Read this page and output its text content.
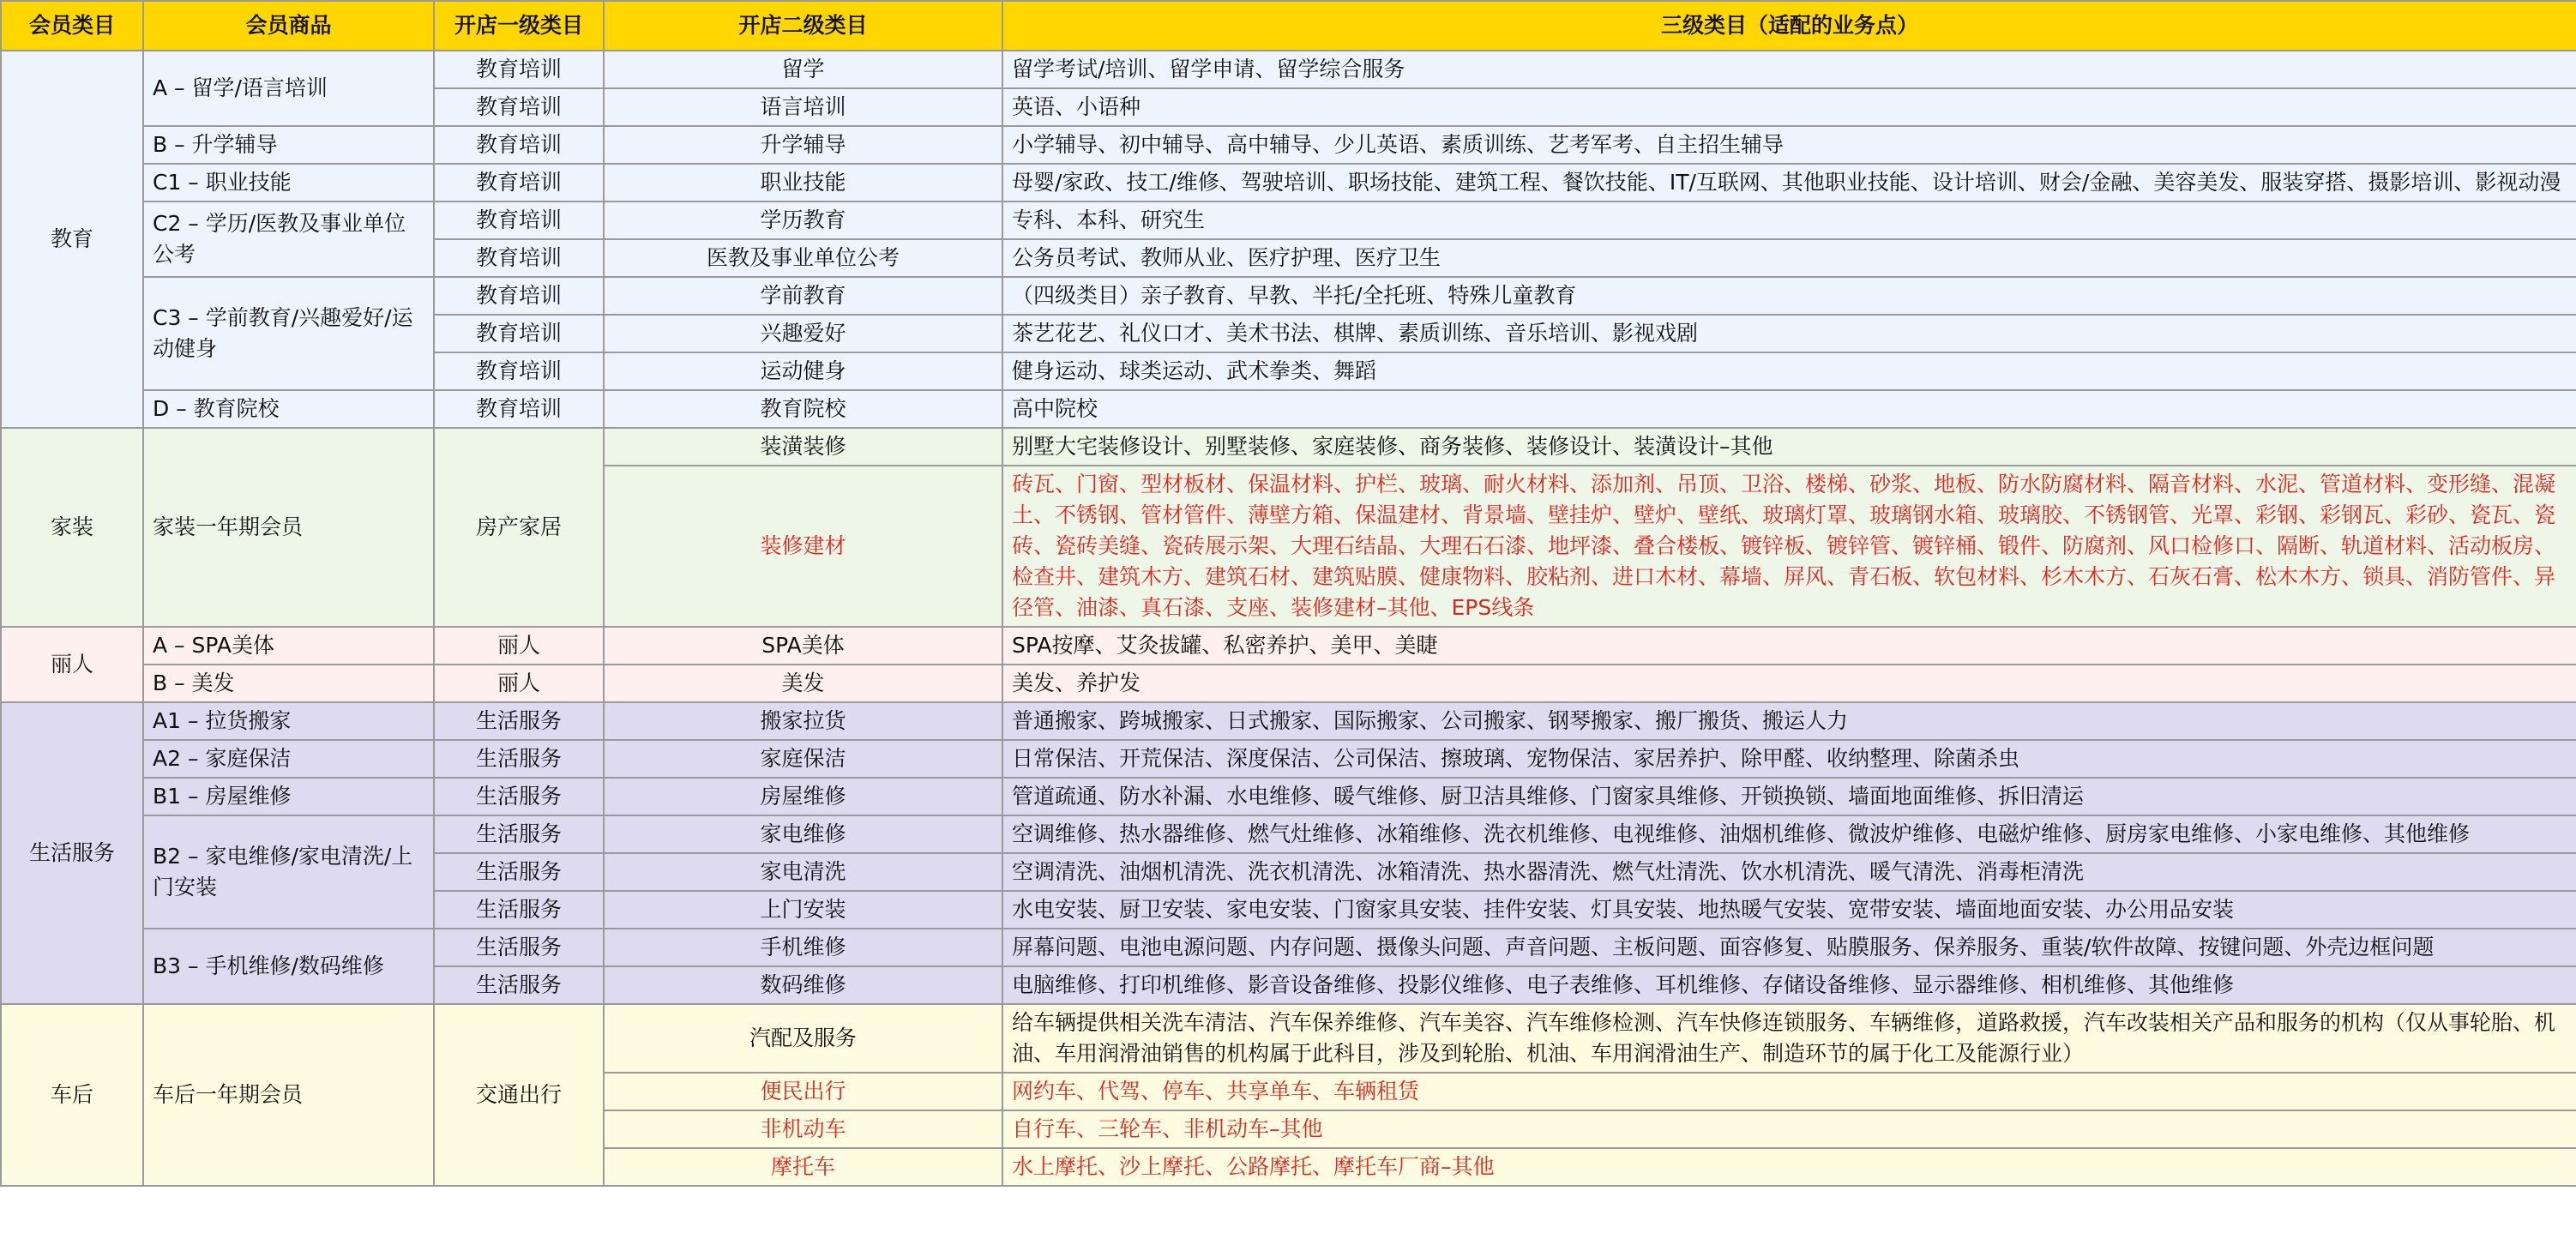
会员类目	会员商品	开店一级类目	开店二级类目	三级类目（适配的业务点）
教育	A – 留学/语言培训	教育培训	留学	留学考试/培训、留学申请、留学综合服务
		教育培训	语言培训	英语、小语种
	B – 升学辅导	教育培训	升学辅导	小学辅导、初中辅导、高中辅导、少儿英语、素质训练、艺考军考、自主招生辅导
	C1 – 职业技能	教育培训	职业技能	母婴/家政、技工/维修、驾驶培训、职场技能、建筑工程、餐饮技能、IT/互联网、其他职业技能、设计培训、财会/金融、美容美发、服装穿搭、摄影培训、影视动漫
	C2 – 学历/医教及事业单位公考	教育培训	学历教育	专科、本科、研究生
		教育培训	医教及事业单位公考	公务员考试、教师从业、医疗护理、医疗卫生
	C3 – 学前教育/兴趣爱好/运动健身	教育培训	学前教育	（四级类目）亲子教育、早教、半托/全托班、特殊儿童教育
		教育培训	兴趣爱好	茶艺花艺、礼仪口才、美术书法、棋牌、素质训练、音乐培训、影视戏剧
		教育培训	运动健身	健身运动、球类运动、武术拳类、舞蹈
	D – 教育院校	教育培训	教育院校	高中院校
家装	家装一年期会员	房产家居	装潢装修	别墅大宅装修设计、别墅装修、家庭装修、商务装修、装修设计、装潢设计–其他
			装修建材	砖瓦、门窗、型材板材、保温材料、护栏、玻璃、耐火材料、添加剂、吊顶、卫浴、楼梯、砂浆、地板、防水防腐材料、隔音材料、水泥、管道材料、变形缝、混凝土、不锈钢、管材管件、薄壁方箱、保温建材、背景墙、壁挂炉、壁炉、壁纸、玻璃灯罩、玻璃钢水箱、玻璃胶、不锈钢管、光罩、彩钢、彩钢瓦、彩砂、瓷瓦、瓷砖、瓷砖美缝、瓷砖展示架、大理石结晶、大理石石漆、地坪漆、叠合楼板、镀锌板、镀锌管、镀锌桶、锻件、防腐剂、风口检修口、隔断、轨道材料、活动板房、检查井、建筑木方、建筑石材、建筑贴膜、健康物料、胶粘剂、进口木材、幕墙、屏风、青石板、软包材料、杉木木方、石灰石膏、松木木方、锁具、消防管件、异径管、油漆、真石漆、支座、装修建材–其他、EPS线条
丽人	A – SPA美体	丽人	SPA美体	SPA按摩、艾灸拔罐、私密养护、美甲、美睫
	B – 美发	丽人	美发	美发、养护发
生活服务	A1 – 拉货搬家	生活服务	搬家拉货	普通搬家、跨城搬家、日式搬家、国际搬家、公司搬家、钢琴搬家、搬厂搬货、搬运人力
	A2 – 家庭保洁	生活服务	家庭保洁	日常保洁、开荒保洁、深度保洁、公司保洁、擦玻璃、宠物保洁、家居养护、除甲醛、收纳整理、除菌杀虫
	B1 – 房屋维修	生活服务	房屋维修	管道疏通、防水补漏、水电维修、暖气维修、厨卫洁具维修、门窗家具维修、开锁换锁、墙面地面维修、拆旧清运
	B2 – 家电维修/家电清洗/上门安装	生活服务	家电维修	空调维修、热水器维修、燃气灶维修、冰箱维修、洗衣机维修、电视维修、油烟机维修、微波炉维修、电磁炉维修、厨房家电维修、小家电维修、其他维修
		生活服务	家电清洗	空调清洗、油烟机清洗、洗衣机清洗、冰箱清洗、热水器清洗、燃气灶清洗、饮水机清洗、暖气清洗、消毒柜清洗
		生活服务	上门安装	水电安装、厨卫安装、家电安装、门窗家具安装、挂件安装、灯具安装、地热暖气安装、宽带安装、墙面地面安装、办公用品安装
	B3 – 手机维修/数码维修	生活服务	手机维修	屏幕问题、电池电源问题、内存问题、摄像头问题、声音问题、主板问题、面容修复、贴膜服务、保养服务、重装/软件故障、按键问题、外壳边框问题
		生活服务	数码维修	电脑维修、打印机维修、影音设备维修、投影仪维修、电子表维修、耳机维修、存储设备维修、显示器维修、相机维修、其他维修
车后	车后一年期会员	交通出行	汽配及服务	给车辆提供相关洗车清洁、汽车保养维修、汽车美容、汽车维修检测、汽车快修连锁服务、车辆维修，道路救援，汽车改装相关产品和服务的机构（仅从事轮胎、机油、车用润滑油销售的机构属于此科目，涉及到轮胎、机油、车用润滑油生产、制造环节的属于化工及能源行业）
			便民出行	网约车、代驾、停车、共享单车、车辆租赁
			非机动车	自行车、三轮车、非机动车–其他
			摩托车	水上摩托、沙上摩托、公路摩托、摩托车厂商–其他
